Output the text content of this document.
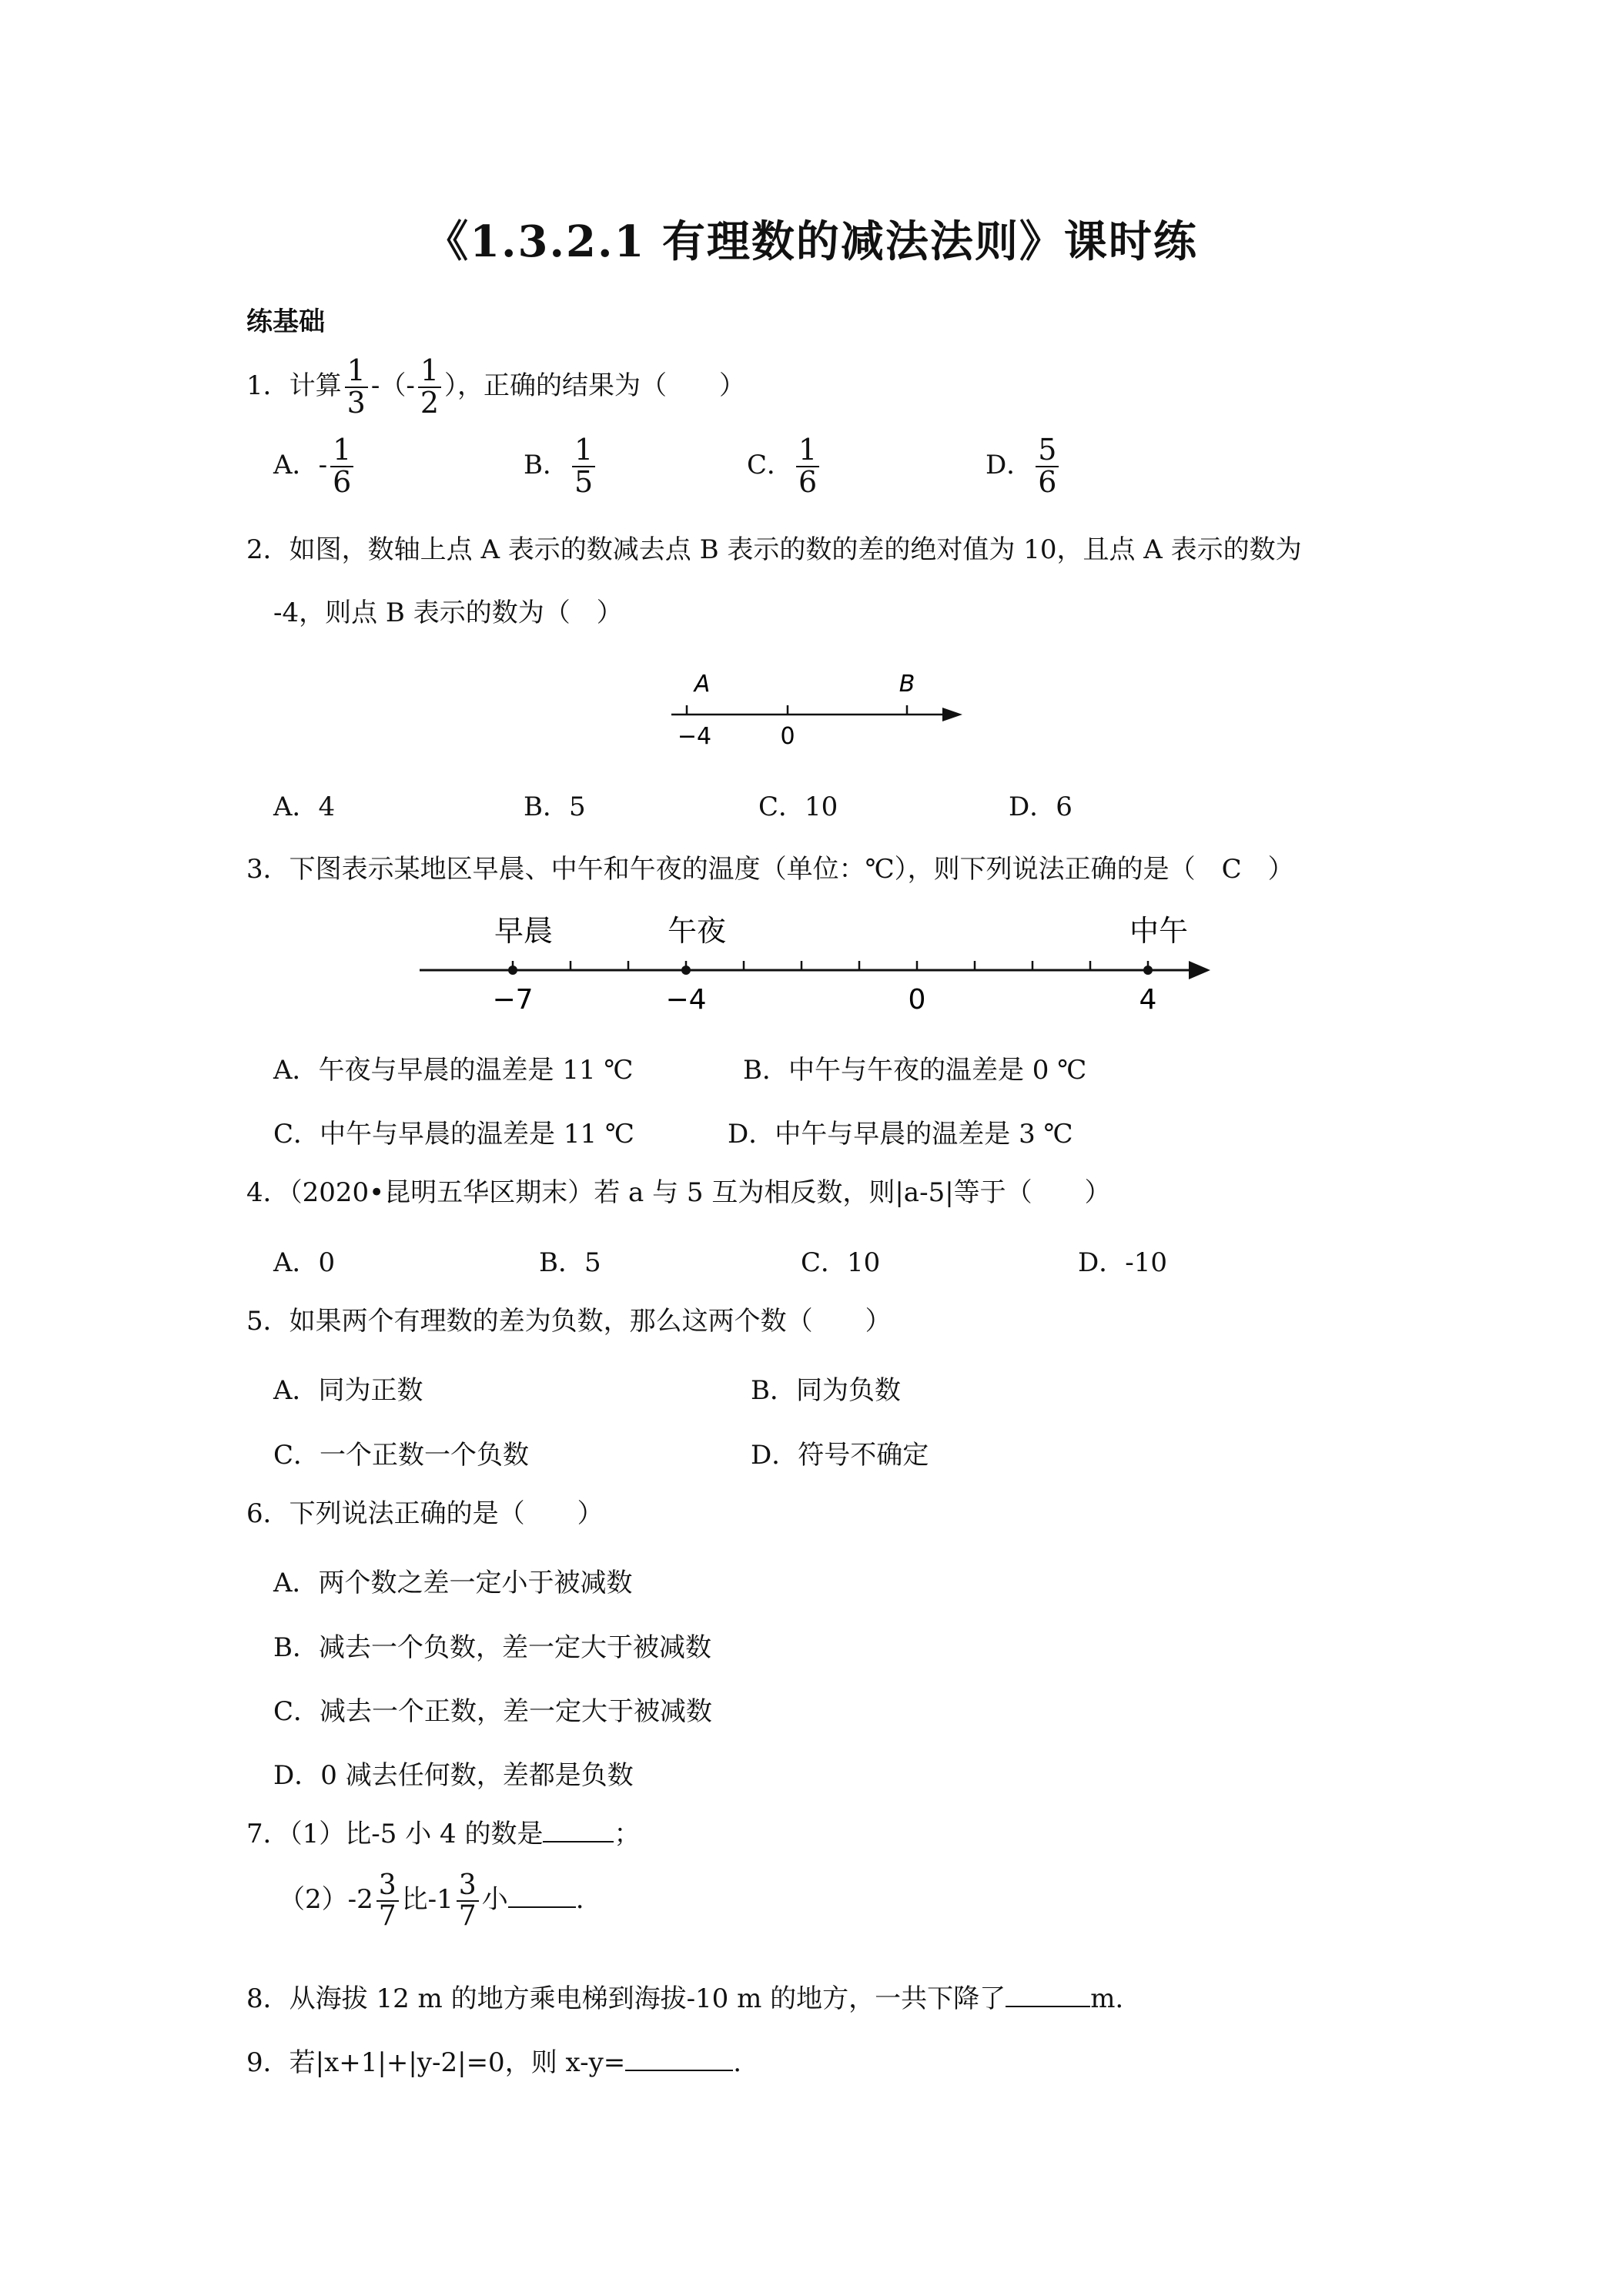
《1.3.2.1 有理数的减法法则》课时练
练基础
1．计算 $\frac{1}{3}$ -（- $\frac{1}{2}$ ），正确的结果为（　　）
A．- $\frac{1}{6}$	B． $\frac{1}{5}$	C． $\frac{1}{6}$	D． $\frac{5}{6}$
2．如图，数轴上点 A 表示的数减去点 B 表示的数的差的绝对值为 10，且点 A 表示的数为
-4，则点 B 表示的数为（　）
A	B
−4	0
A．4	B．5	C．10	D．6
3．下图表示某地区早晨、中午和午夜的温度（单位：℃），则下列说法正确的是（　C　）
早晨	午夜	中午
−7	−4	0	4
A．午夜与早晨的温差是 11 ℃	B．中午与午夜的温差是 0 ℃
C．中午与早晨的温差是 11 ℃	D．中午与早晨的温差是 3 ℃
4．（2020•昆明五华区期末）若 a 与 5 互为相反数，则|a-5|等于（　　）
A．0	B．5	C．10	D．-10
5．如果两个有理数的差为负数，那么这两个数（　　）
A．同为正数	B．同为负数
C．一个正数一个负数	D．符号不确定
6．下列说法正确的是（　　）
A．两个数之差一定小于被减数
B．减去一个负数，差一定大于被减数
C．减去一个正数，差一定大于被减数
D．0 减去任何数，差都是负数
7．（1）比-5 小 4 的数是	；
$(2)-2 \frac{3}{7}$ 比$-1 \frac{3}{7}$ 小	.
8．从海拔 12 m 的地方乘电梯到海拔-10 m 的地方，一共下降了	m.
9．若|x+1|+|y-2|=0，则 x-y=	.
